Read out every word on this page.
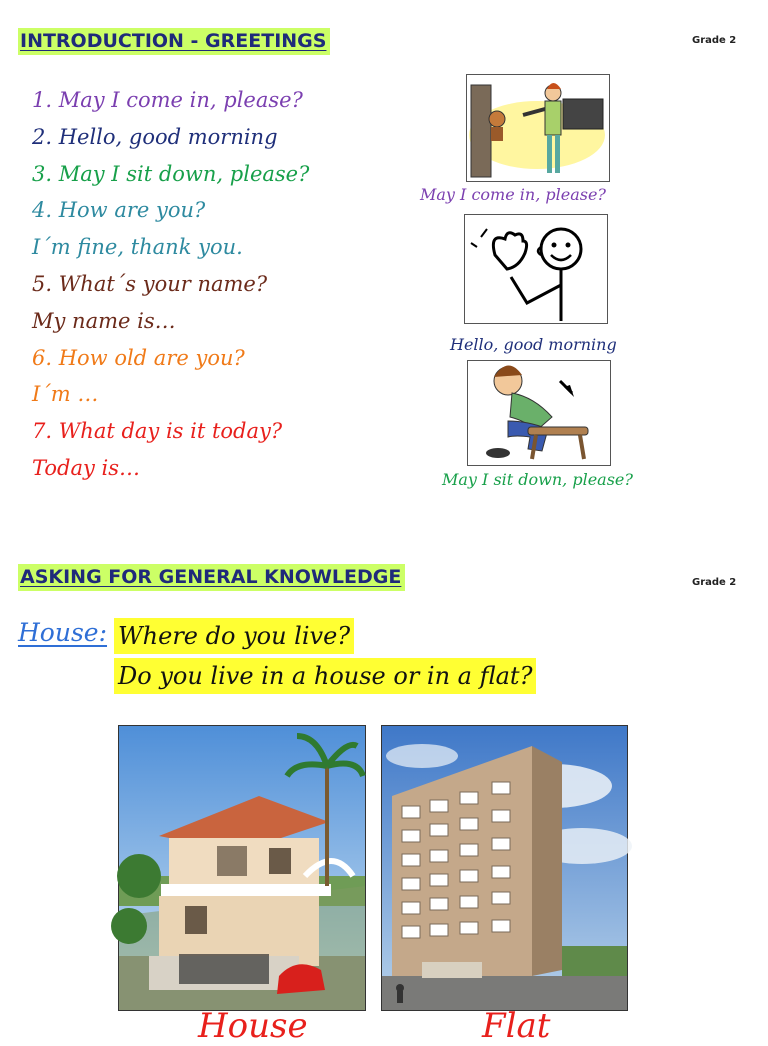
INTRODUCTION - GREETINGS	Grade 2
1. May I come in, please?
2. Hello, good morning
3. May I sit down, please?
4. How are you?
I´m fine, thank you.
5. What´s your name?
My name is…
6. How old are you?
I´m …
7. What day is it today?
Today is…
May I come in, please?
Hello, good morning
May I sit down, please?
ASKING FOR GENERAL KNOWLEDGE	Grade 2
House: Where do you live?
Do you live in a house or in a flat?
House	Flat
